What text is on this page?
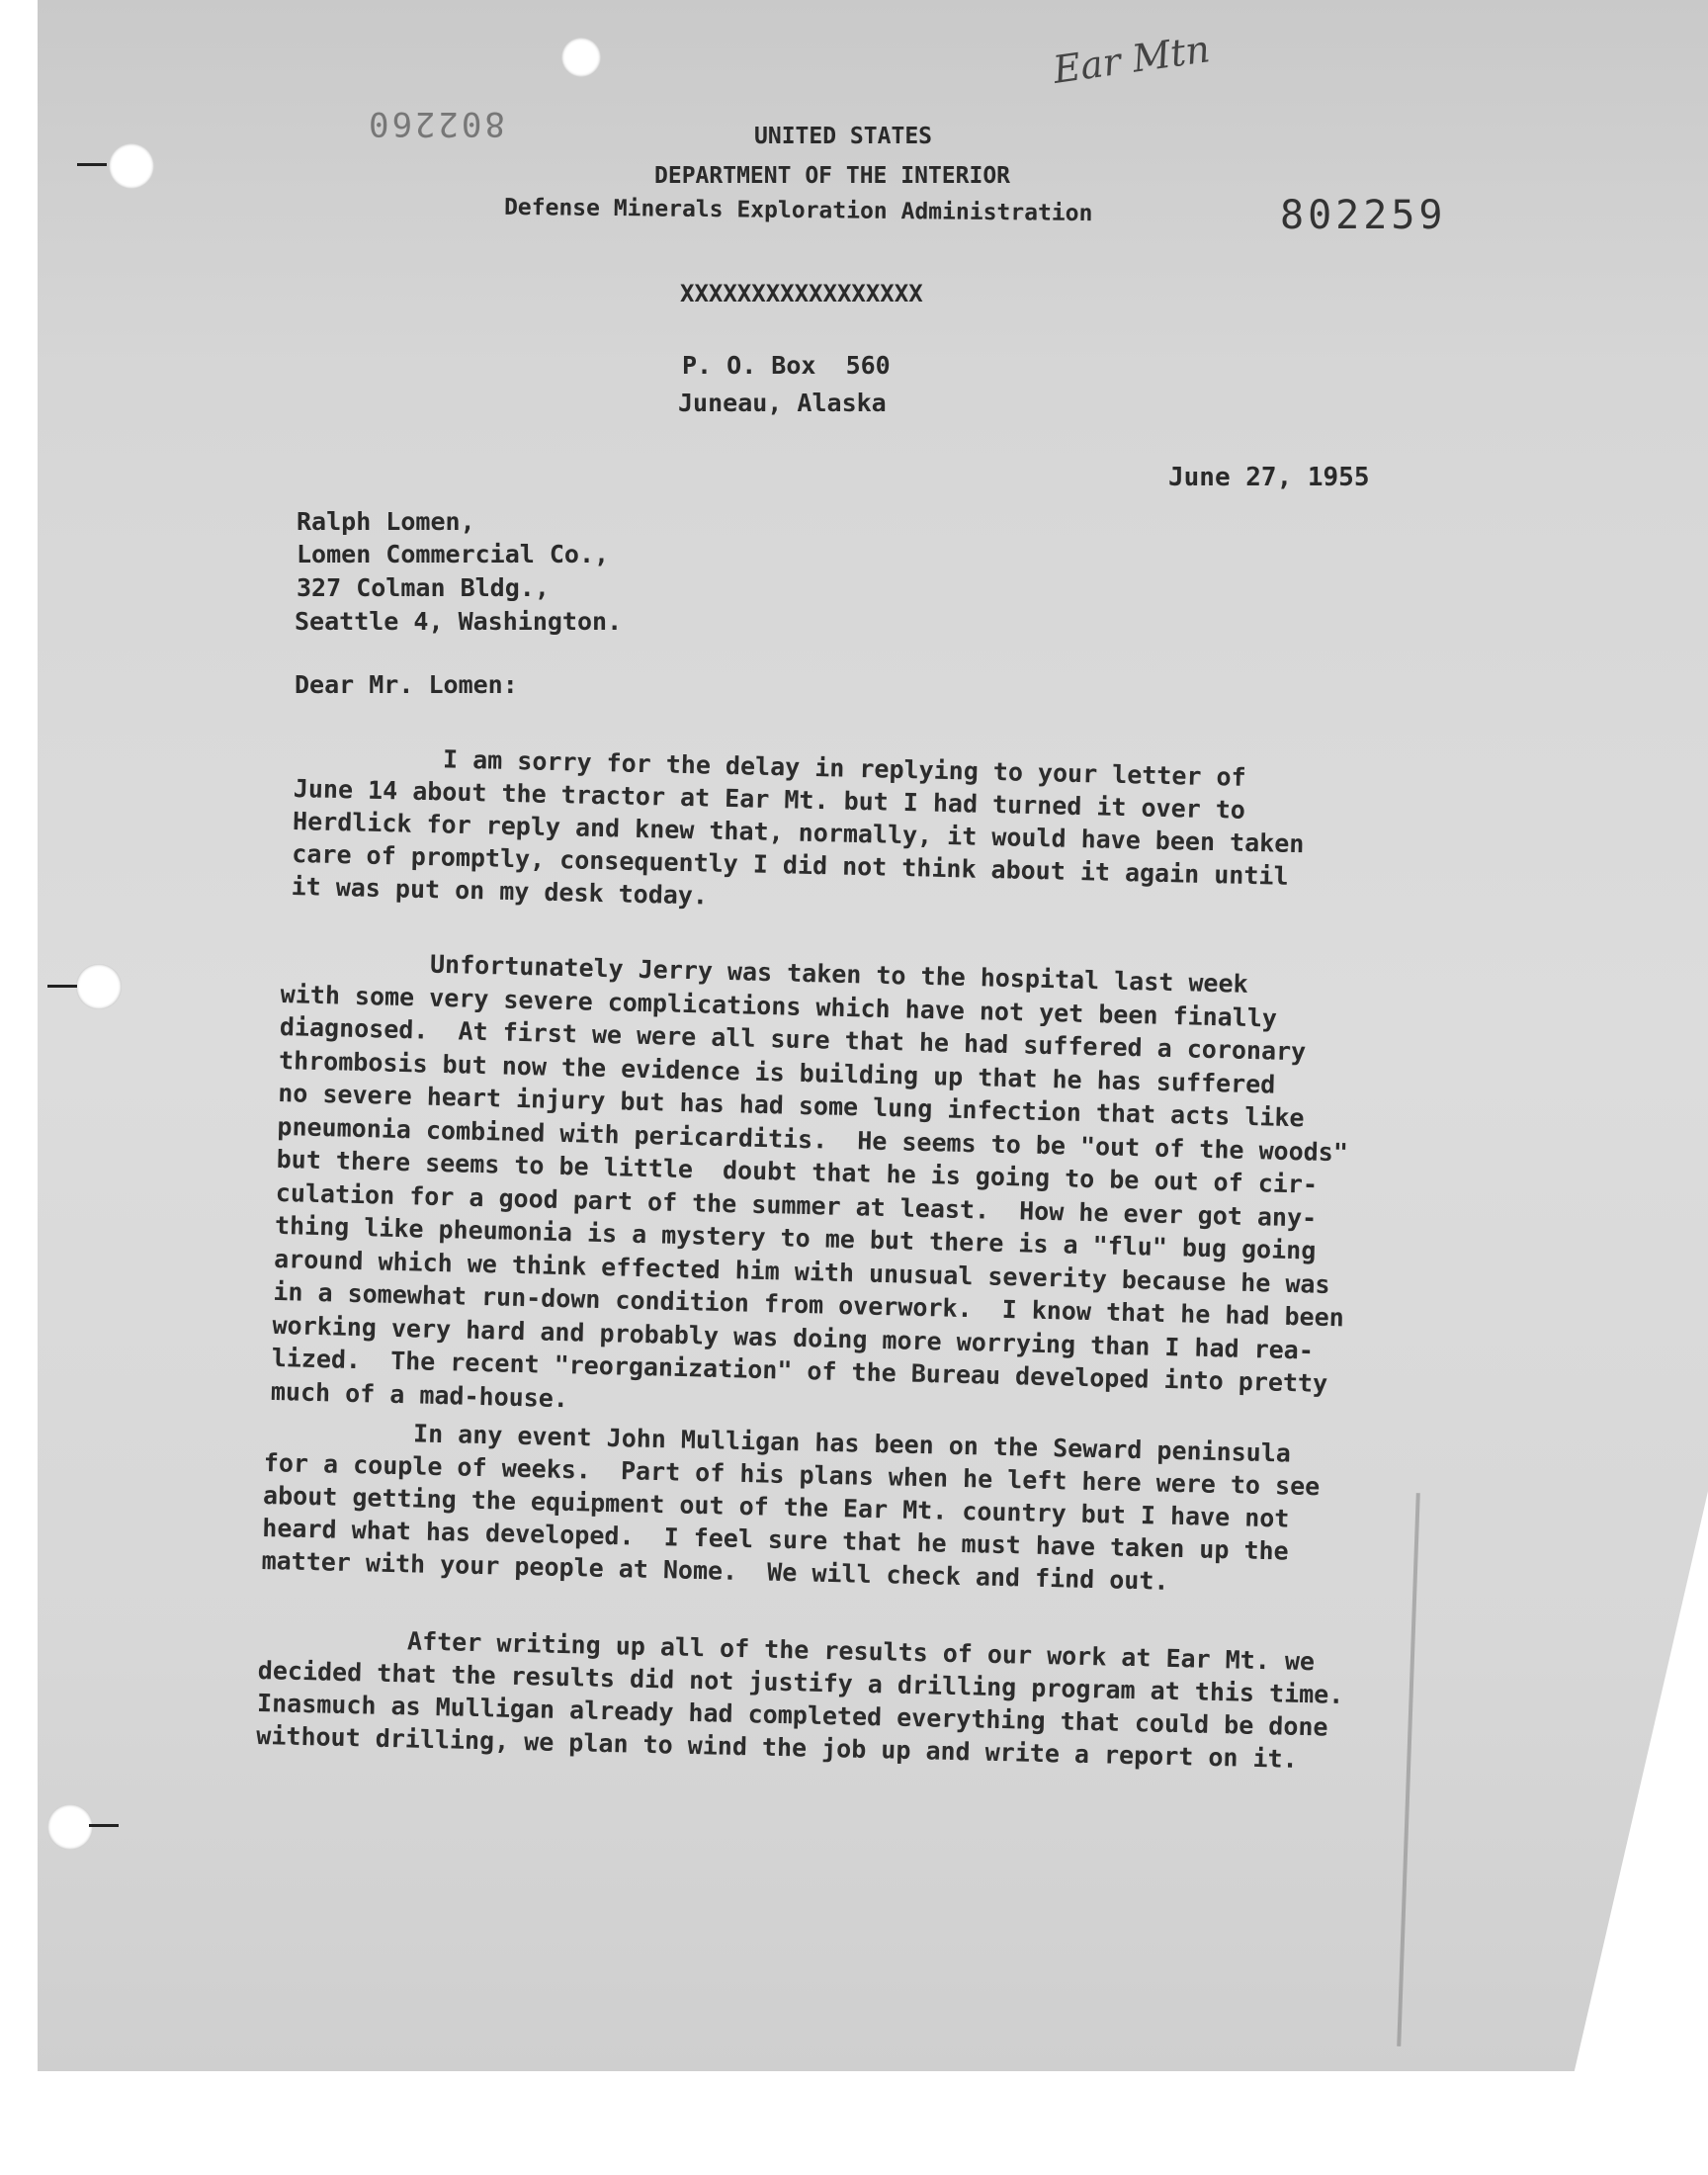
802260
Ear Mtn
UNITED STATES
DEPARTMENT OF THE INTERIOR
Defense Minerals Exploration Administration	802259
XXXXXXXXXXXXXXXXX
P. O. Box  560
Juneau, Alaska
June 27, 1955
Ralph Lomen,
Lomen Commercial Co.,
327 Colman Bldg.,
Seattle 4, Washington.
Dear Mr. Lomen:
I am sorry for the delay in replying to your letter of
June 14 about the tractor at Ear Mt. but I had turned it over to
Herdlick for reply and knew that, normally, it would have been taken
care of promptly, consequently I did not think about it again until
it was put on my desk today.
Unfortunately Jerry was taken to the hospital last week
with some very severe complications which have not yet been finally
diagnosed.  At first we were all sure that he had suffered a coronary
thrombosis but now the evidence is building up that he has suffered
no severe heart injury but has had some lung infection that acts like
pneumonia combined with pericarditis.  He seems to be "out of the woods"
but there seems to be little  doubt that he is going to be out of cir-
culation for a good part of the summer at least.  How he ever got any-
thing like pheumonia is a mystery to me but there is a "flu" bug going
around which we think effected him with unusual severity because he was
in a somewhat run-down condition from overwork.  I know that he had been
working very hard and probably was doing more worrying than I had rea-
lized.  The recent "reorganization" of the Bureau developed into pretty
much of a mad-house.
In any event John Mulligan has been on the Seward peninsula
for a couple of weeks.  Part of his plans when he left here were to see
about getting the equipment out of the Ear Mt. country but I have not
heard what has developed.  I feel sure that he must have taken up the
matter with your people at Nome.  We will check and find out.
After writing up all of the results of our work at Ear Mt. we
decided that the results did not justify a drilling program at this time.
Inasmuch as Mulligan already had completed everything that could be done
without drilling, we plan to wind the job up and write a report on it.
